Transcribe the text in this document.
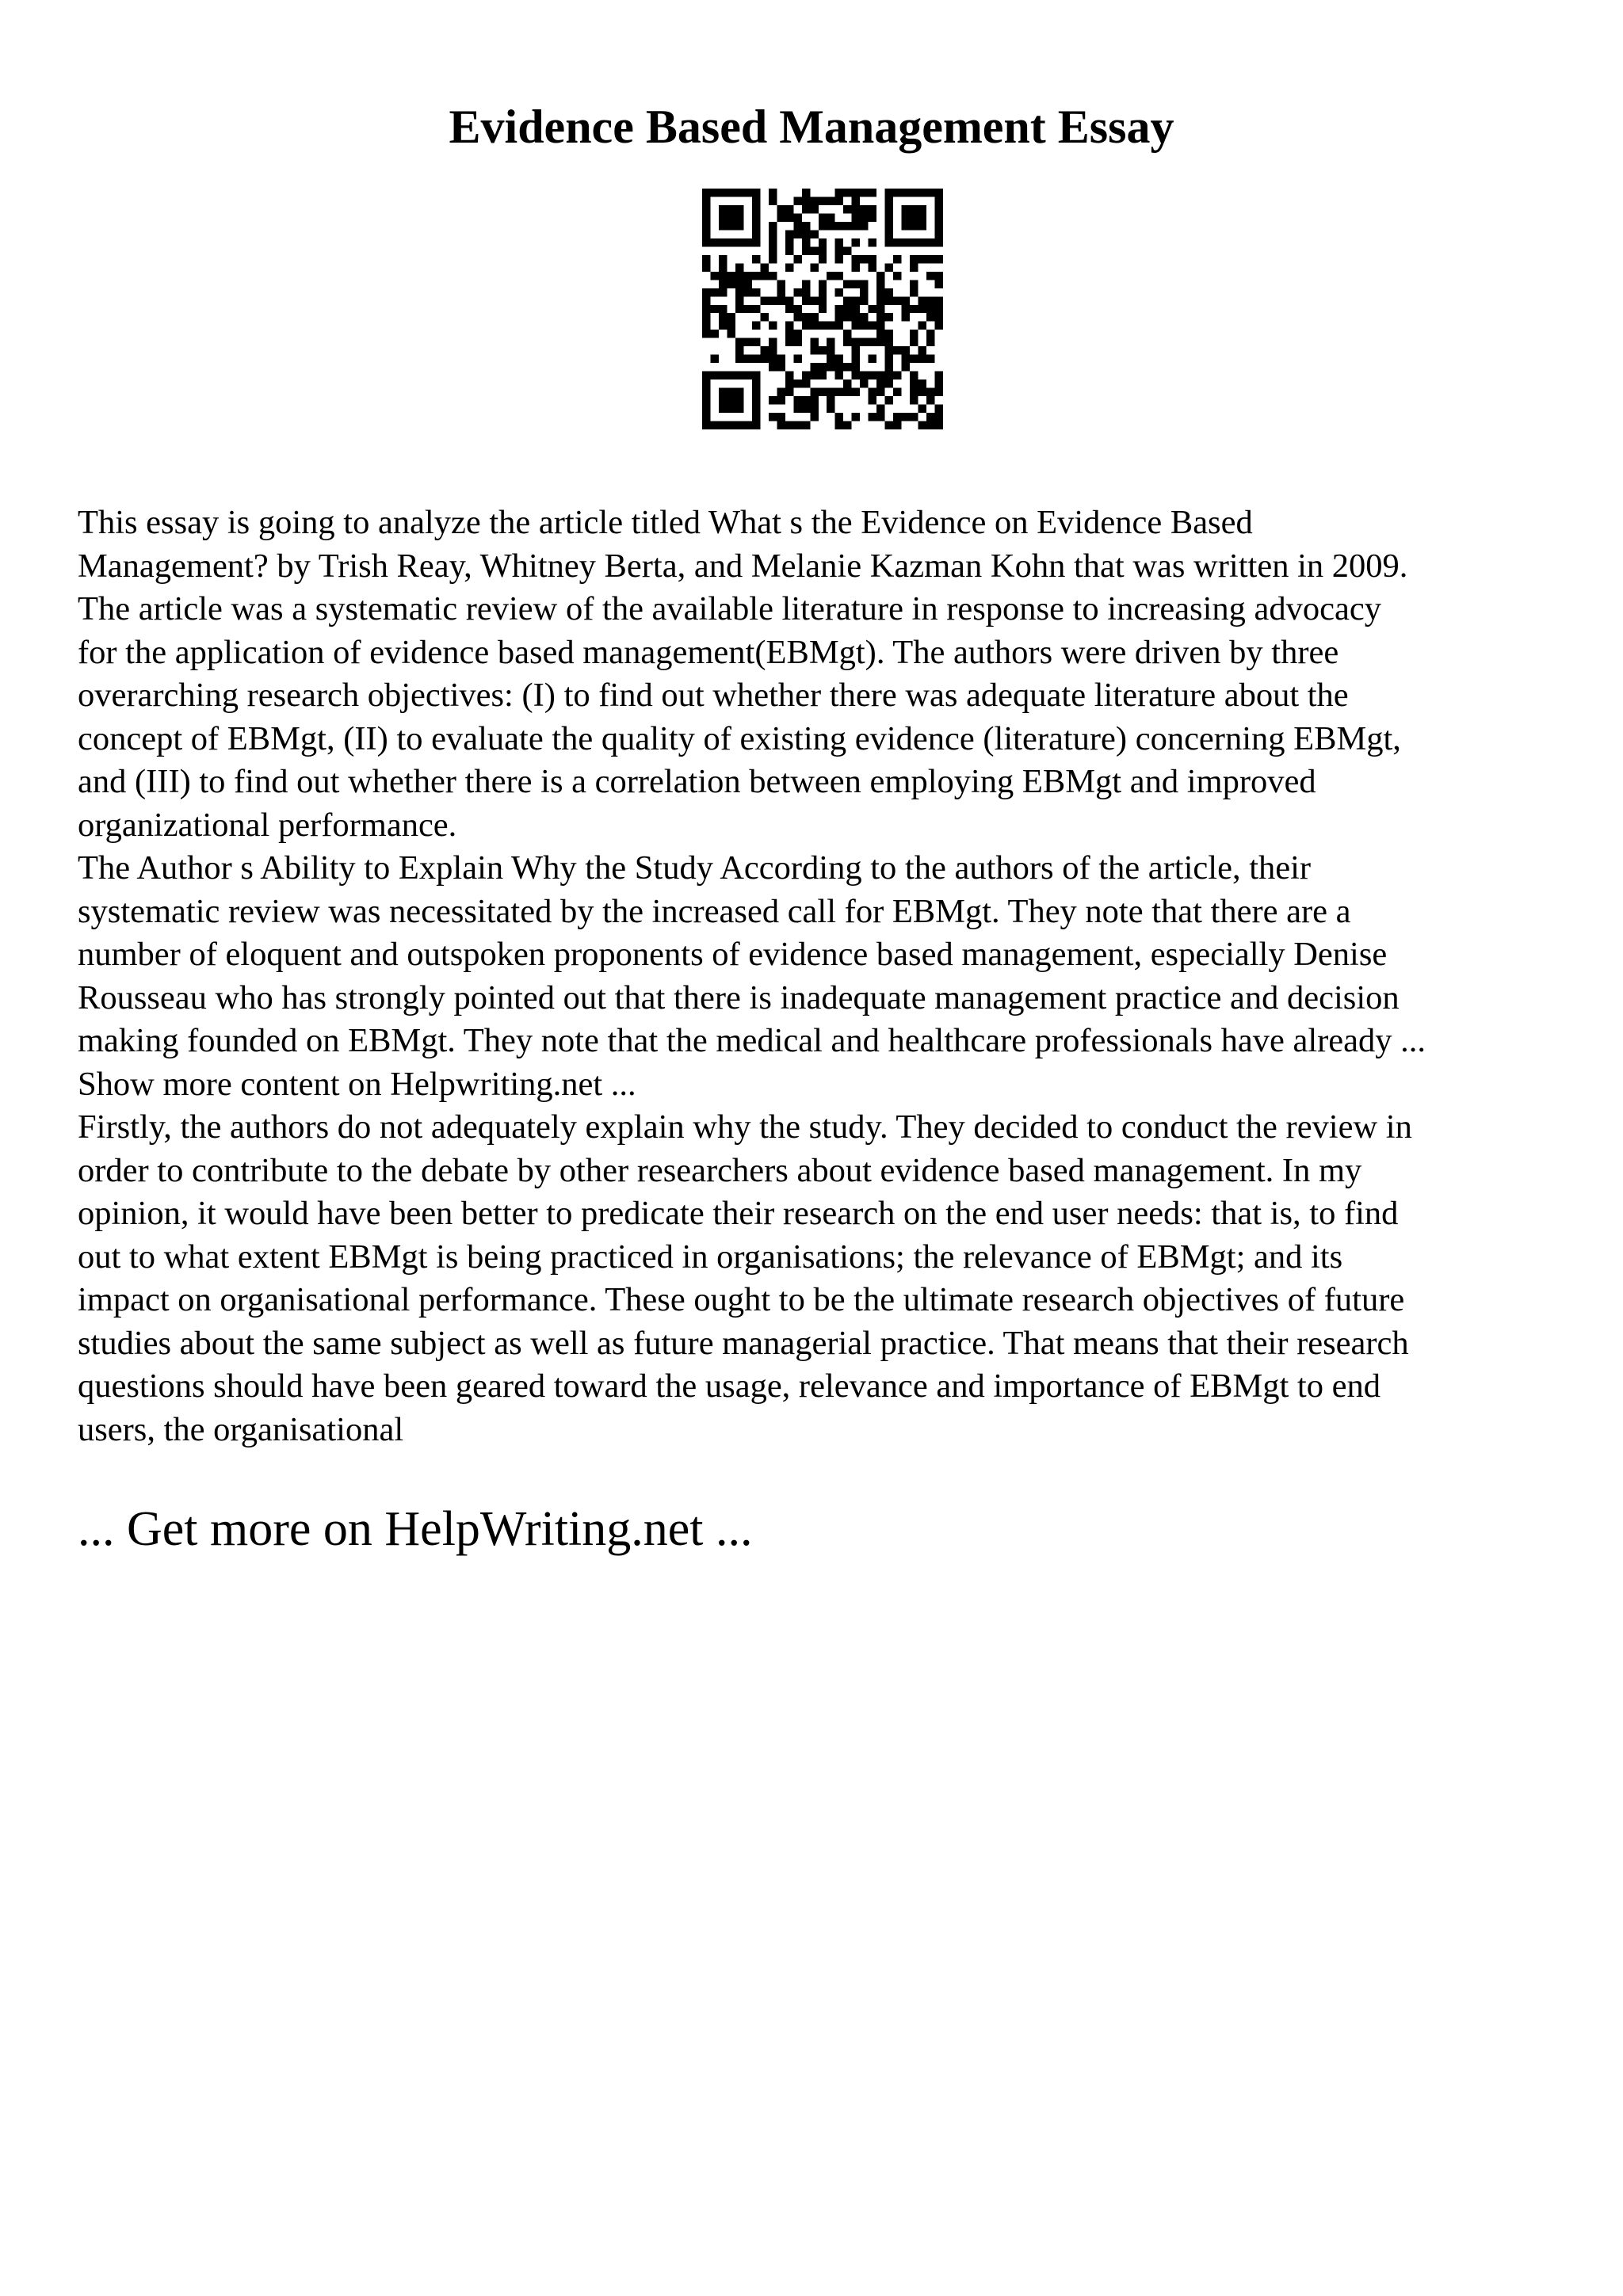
Evidence Based Management Essay
This essay is going to analyze the article titled What s the Evidence on Evidence Based
Management? by Trish Reay, Whitney Berta, and Melanie Kazman Kohn that was written in 2009.
The article was a systematic review of the available literature in response to increasing advocacy
for the application of evidence based management(EBMgt). The authors were driven by three
overarching research objectives: (I) to find out whether there was adequate literature about the
concept of EBMgt, (II) to evaluate the quality of existing evidence (literature) concerning EBMgt,
and (III) to find out whether there is a correlation between employing EBMgt and improved
organizational performance.
The Author s Ability to Explain Why the Study According to the authors of the article, their
systematic review was necessitated by the increased call for EBMgt. They note that there are a
number of eloquent and outspoken proponents of evidence based management, especially Denise
Rousseau who has strongly pointed out that there is inadequate management practice and decision
making founded on EBMgt. They note that the medical and healthcare professionals have already ...
Show more content on Helpwriting.net ...
Firstly, the authors do not adequately explain why the study. They decided to conduct the review in
order to contribute to the debate by other researchers about evidence based management. In my
opinion, it would have been better to predicate their research on the end user needs: that is, to find
out to what extent EBMgt is being practiced in organisations; the relevance of EBMgt; and its
impact on organisational performance. These ought to be the ultimate research objectives of future
studies about the same subject as well as future managerial practice. That means that their research
questions should have been geared toward the usage, relevance and importance of EBMgt to end
users, the organisational

... Get more on HelpWriting.net ...
